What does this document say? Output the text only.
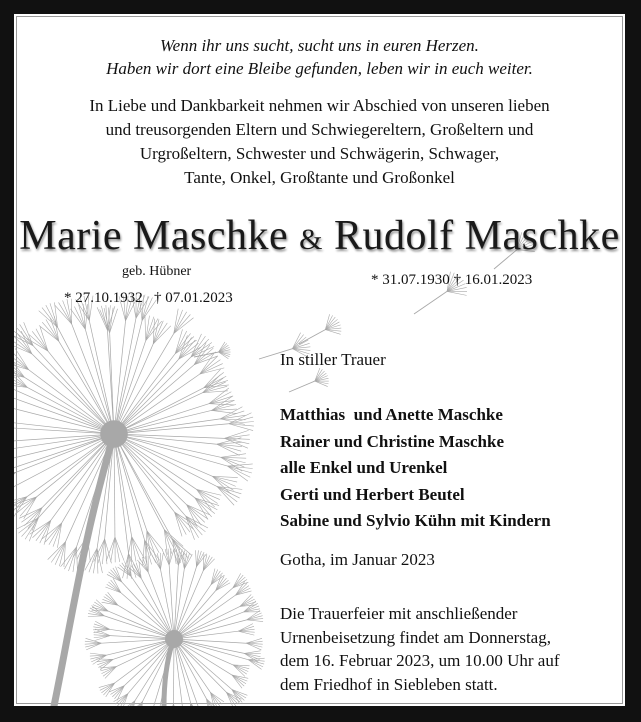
Wenn ihr uns sucht, sucht uns in euren Herzen.
Haben wir dort eine Bleibe gefunden, leben wir in euch weiter.
In Liebe und Dankbarkeit nehmen wir Abschied von unseren lieben
und treusorgenden Eltern und Schwiegereltern, Großeltern und
Urgroßeltern, Schwester und Schwägerin, Schwager,
Tante, Onkel, Großtante und Großonkel
Marie Maschke & Rudolf Maschke
geb. Hübner
* 27.10.1932   † 07.01.2023
* 31.07.1930 † 16.01.2023
In stiller Trauer
Matthias  und Anette Maschke
Rainer und Christine Maschke
alle Enkel und Urenkel
Gerti und Herbert Beutel
Sabine und Sylvio Kühn mit Kindern
Gotha, im Januar 2023
Die Trauerfeier mit anschließender
Urnenbeisetzung findet am Donnerstag,
dem 16. Februar 2023, um 10.00 Uhr auf
dem Friedhof in Siebleben statt.
